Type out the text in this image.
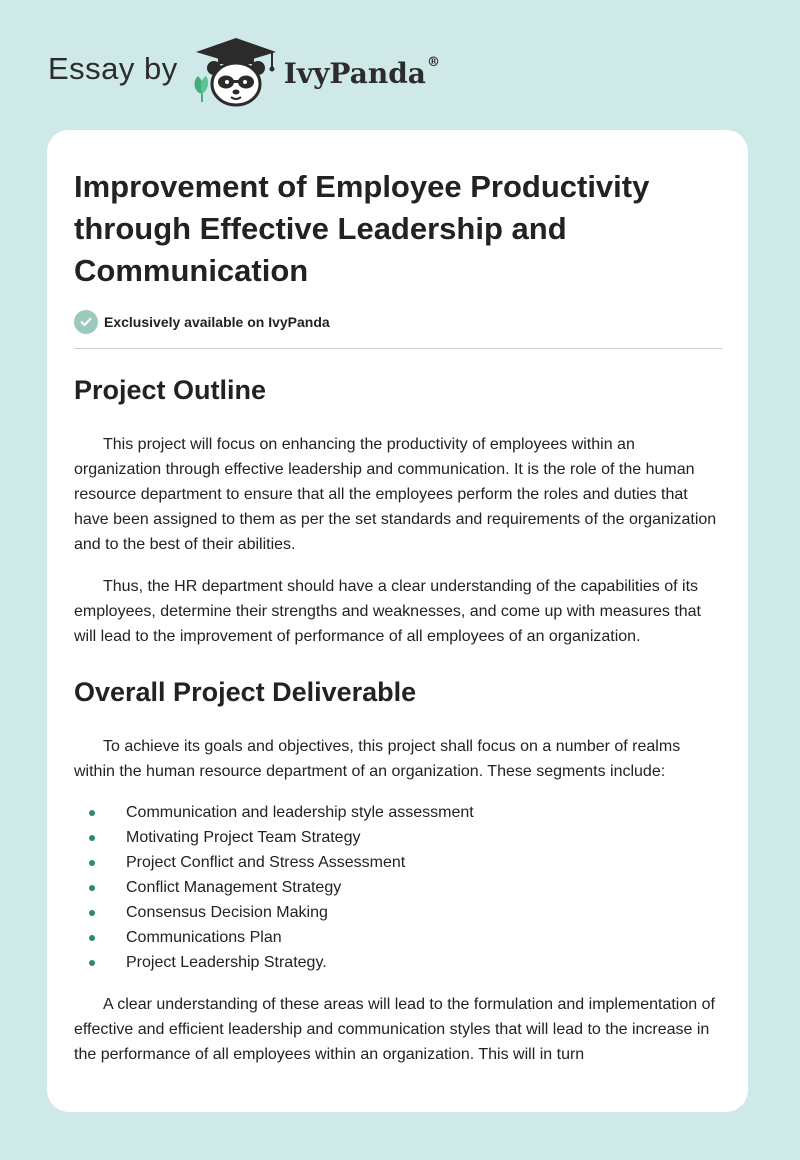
Essay by	IvyPanda®
Improvement of Employee Productivity through Effective Leadership and Communication
Exclusively available on IvyPanda
Project Outline

This project will focus on enhancing the productivity of employees within an organization through effective leadership and communication. It is the role of the human resource department to ensure that all the employees perform the roles and duties that have been assigned to them as per the set standards and requirements of the organization and to the best of their abilities.

Thus, the HR department should have a clear understanding of the capabilities of its employees, determine their strengths and weaknesses, and come up with measures that will lead to the improvement of performance of all employees of an organization.

Overall Project Deliverable

To achieve its goals and objectives, this project shall focus on a number of realms within the human resource department of an organization. These segments include:

Communication and leadership style assessment
Motivating Project Team Strategy
Project Conflict and Stress Assessment
Conflict Management Strategy
Consensus Decision Making
Communications Plan
Project Leadership Strategy.

A clear understanding of these areas will lead to the formulation and implementation of effective and efficient leadership and communication styles that will lead to the increase in the performance of all employees within an organization. This will in turn
